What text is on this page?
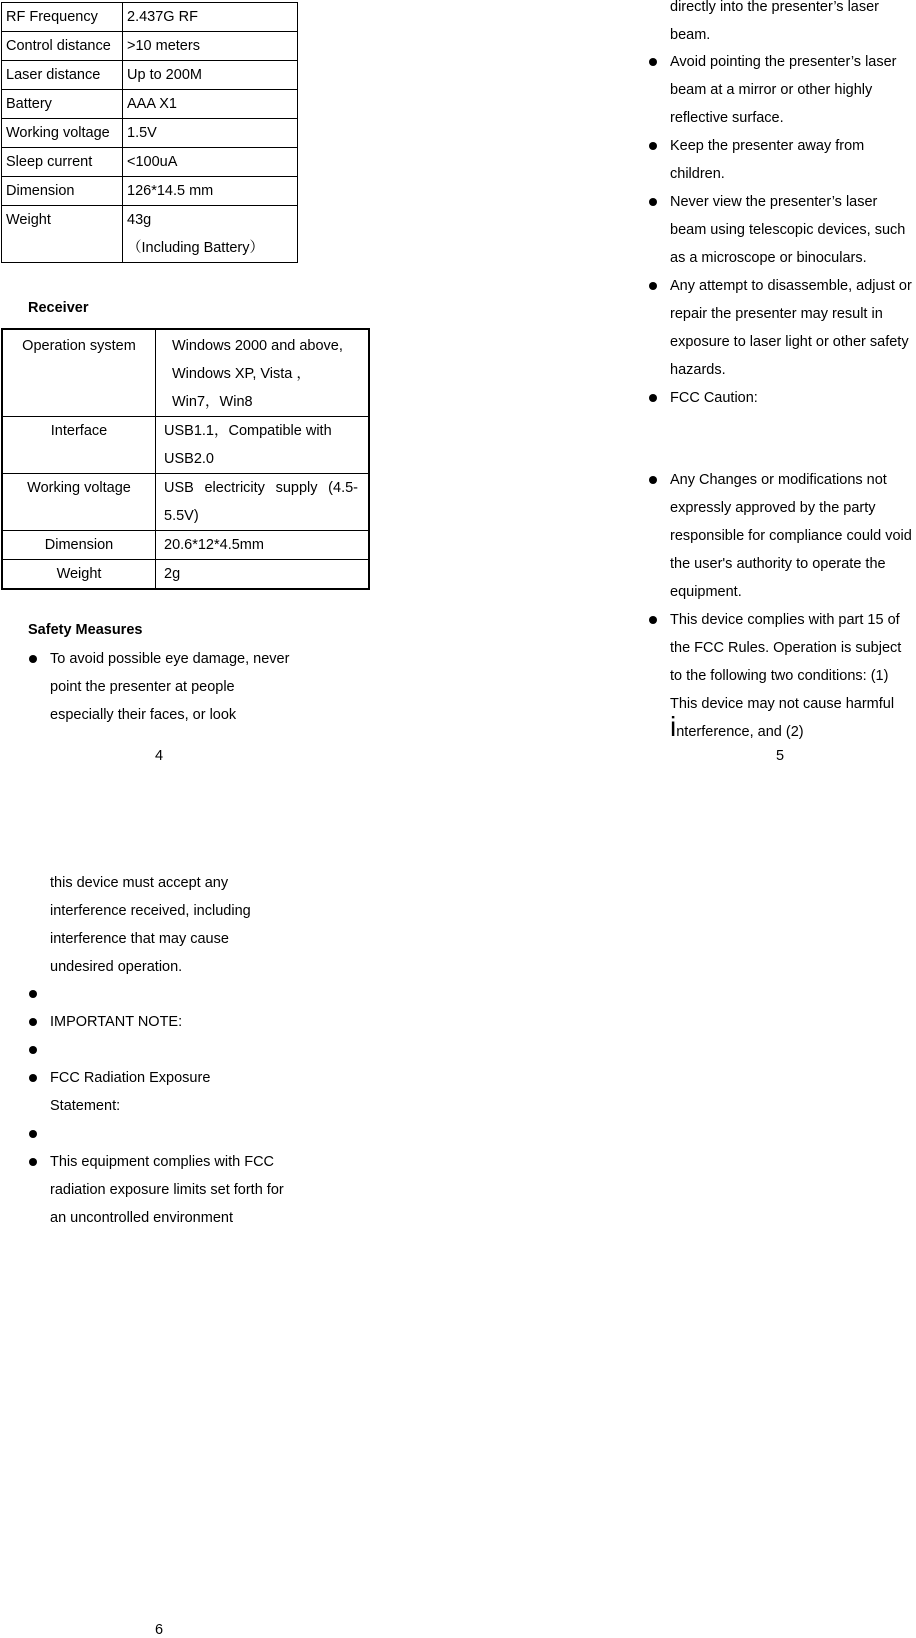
RF Frequency	2.437G RF
Control distance	>10 meters
Laser distance	Up to 200M
Battery	AAA X1
Working voltage	1.5V
Sleep current	<100uA
Dimension	126*14.5 mm
Weight	43g
（Including Battery）
Receiver
Operation system	Windows 2000 and above, Windows XP, Vista ，Win7，Win8
Interface	USB1.1，Compatible with USB2.0
Working voltage	USB electricity supply (4.5-5.5V)
Dimension	20.6*12*4.5mm
Weight	2g
Safety Measures
To avoid possible eye damage, never point the presenter at people especially their faces, or look
4
directly into the presenter’s laser beam.
Avoid pointing the presenter’s laser beam at a mirror or other highly reflective surface.
Keep the presenter away from children.
Never view the presenter’s laser beam using telescopic devices, such as a microscope or binoculars.
Any attempt to disassemble, adjust or repair the presenter may result in exposure to laser light or other safety hazards.
FCC Caution:
Any Changes or modifications not expressly approved by the party responsible for compliance could void the user's authority to operate the equipment.
This device complies with part 15 of the FCC Rules. Operation is subject to the following two conditions: (1) This device may not cause harmful interference, and (2)
5
this device must accept any interference received, including interference that may cause undesired operation.

IMPORTANT NOTE:

FCC Radiation Exposure Statement:

This equipment complies with FCC radiation exposure limits set forth for an uncontrolled environment
6
